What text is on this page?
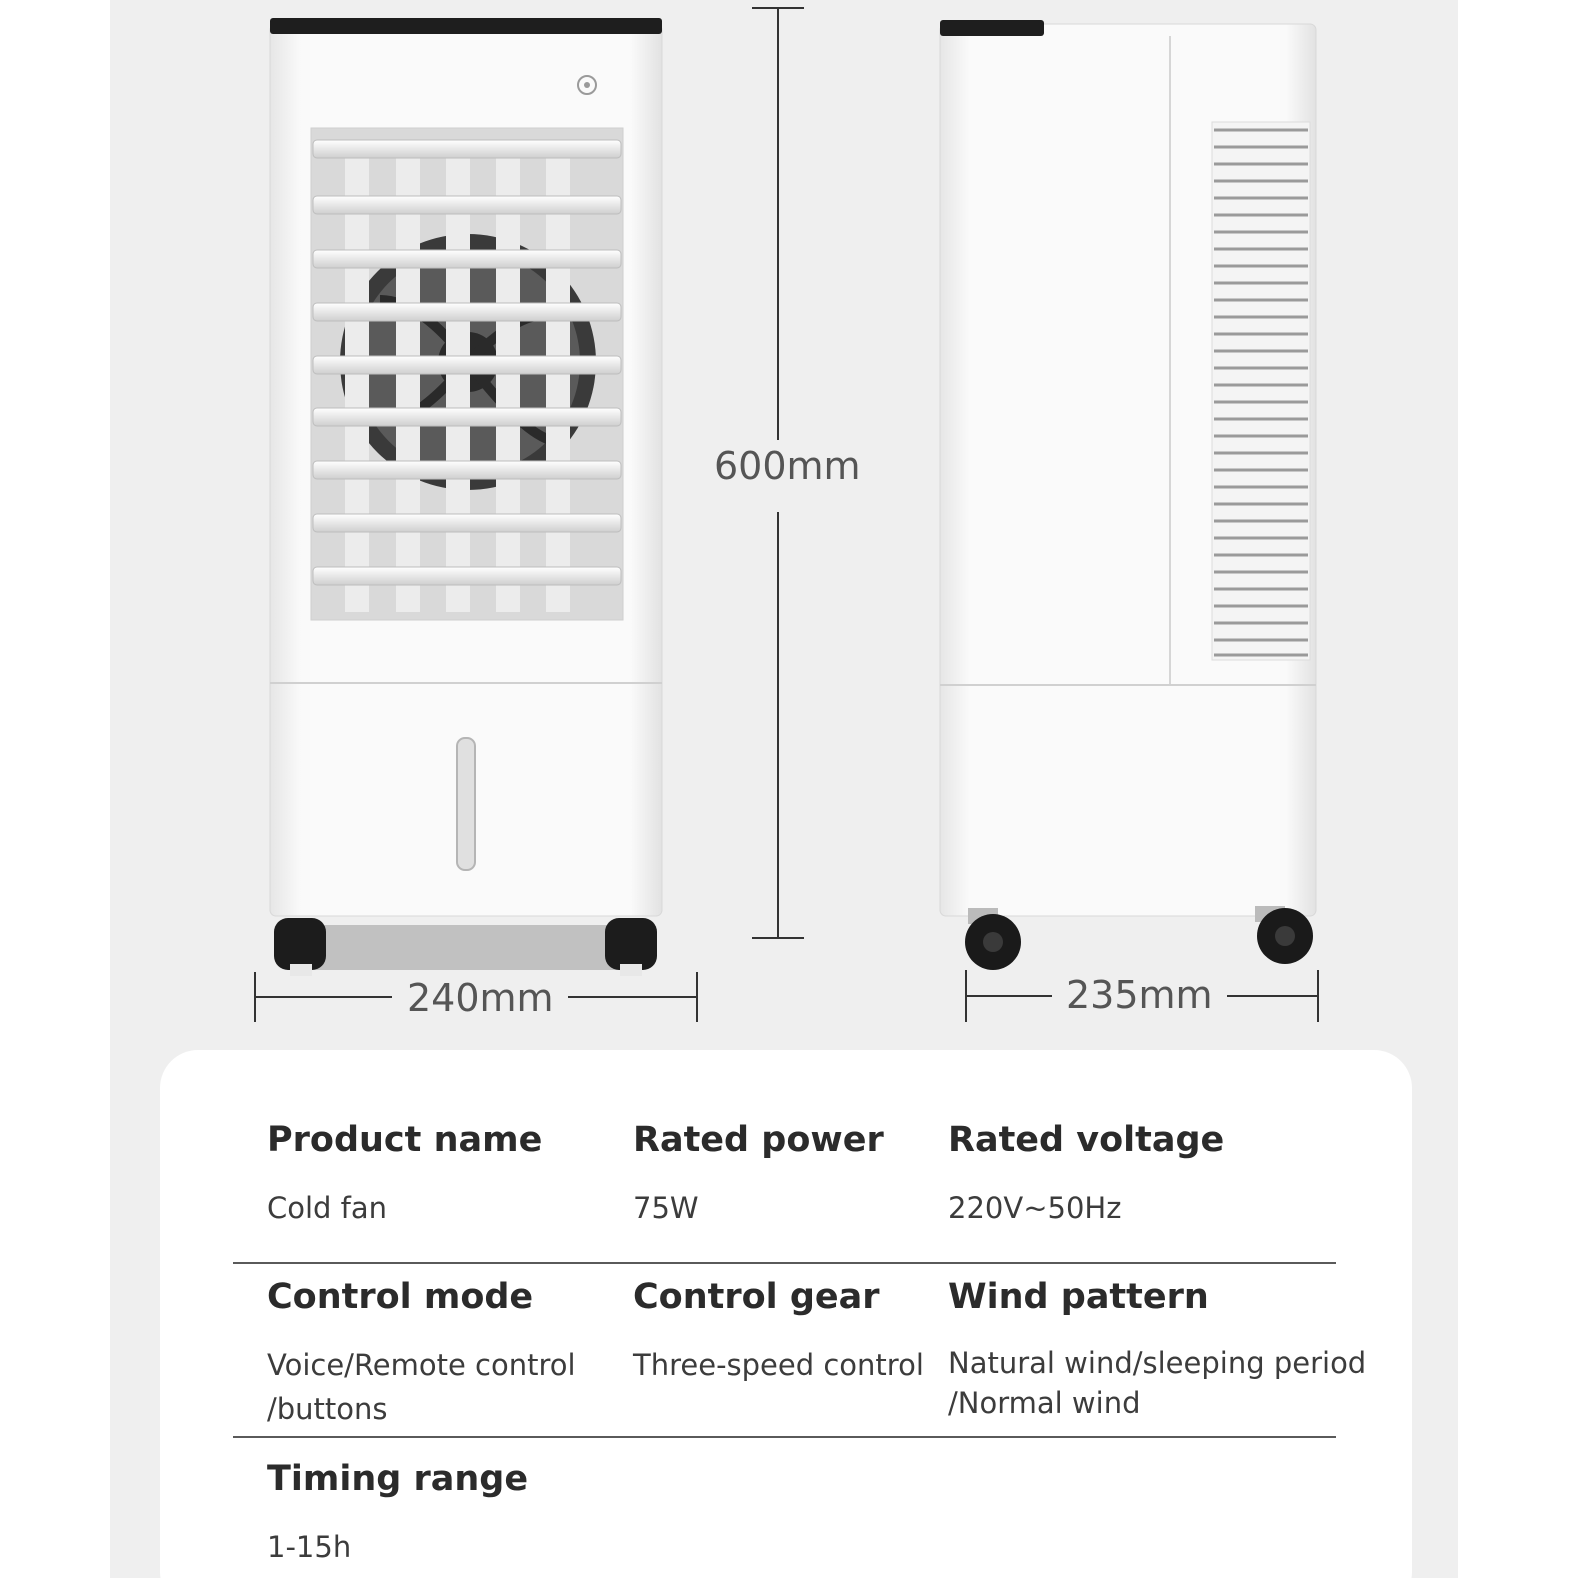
600mm
240mm	235mm
Product name
Cold fan
Rated power
75W
Rated voltage
220V~50Hz
Control mode
Voice/Remote control
/buttons
Control gear
Three-speed control
Wind pattern
Natural wind/sleeping period
/Normal wind
Timing range
1-15h
